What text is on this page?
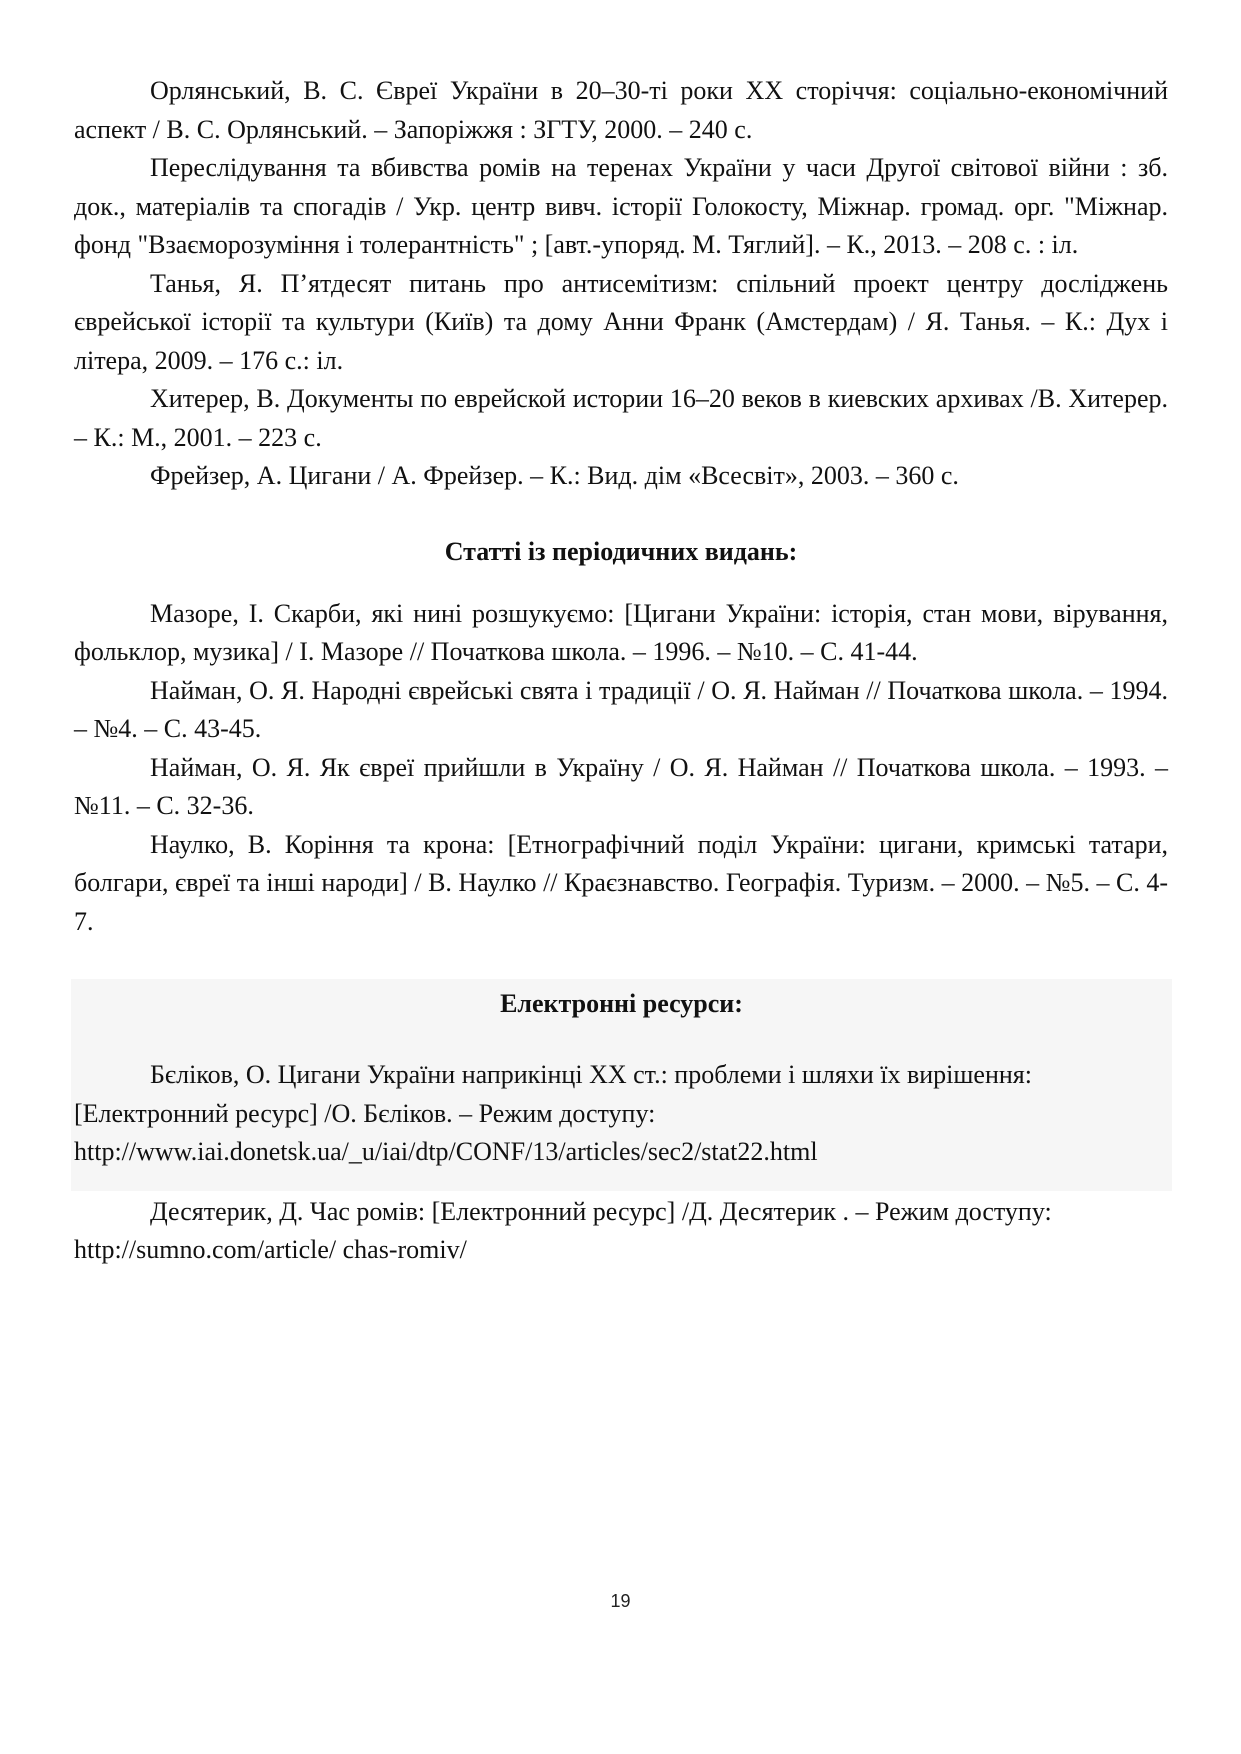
Орлянський, В. С. Євреї України в 20–30-ті роки ХХ сторіччя: соціально-економічний аспект / В. С. Орлянський. – Запоріжжя : ЗГТУ, 2000. – 240 с.

Переслідування та вбивства ромів на теренах України у часи Другої світової війни : зб. док., матеріалів та спогадів / Укр. центр вивч. історії Голокосту, Міжнар. громад. орг. "Міжнар. фонд "Взаєморозуміння і толерантність" ; [авт.-упоряд. М. Тяглий]. – К., 2013. – 208 с. : іл.

Танья, Я. П’ятдесят питань про антисемітизм: спільний проект центру досліджень єврейської історії та культури (Київ) та дому Анни Франк (Амстердам) / Я. Танья. – К.: Дух і літера, 2009. – 176 с.: іл.

Хитерер, В. Документы по еврейской истории 16–20 веков в киевских архивах /В. Хитерер. – К.: М., 2001. – 223 с.

Фрейзер, А. Цигани / А. Фрейзер. – К.: Вид. дім «Всесвіт», 2003. – 360 с.

Статті із періодичних видань:

Мазоре, І. Скарби, які нині розшукуємо: [Цигани України: історія, стан мови, вірування, фольклор, музика] / І. Мазоре // Початкова школа. – 1996. – №10. – С. 41-44.

Найман, О. Я. Народні єврейські свята і традиції / О. Я. Найман // Початкова школа. – 1994. – №4. – С. 43-45.

Найман, О. Я. Як євреї прийшли в Україну / О. Я. Найман // Початкова школа. – 1993. – №11. – С. 32-36.

Наулко, В. Коріння та крона: [Етнографічний поділ України: цигани, кримські татари, болгари, євреї та інші народи] / В. Наулко // Краєзнавство. Географія. Туризм. – 2000. – №5. – С. 4-7.

Електронні ресурси:

Бєліков, О. Цигани України наприкінці ХХ ст.: проблеми і шляхи їх вирішення: [Електронний ресурс] /О. Бєліков. – Режим доступу: http://www.iai.donetsk.ua/_u/iai/dtp/CONF/13/articles/sec2/stat22.html

Десятерик, Д. Час ромів: [Електронний ресурс] /Д. Десятерик . – Режим доступу: http://sumno.com/article/ chas-romiv/

19
